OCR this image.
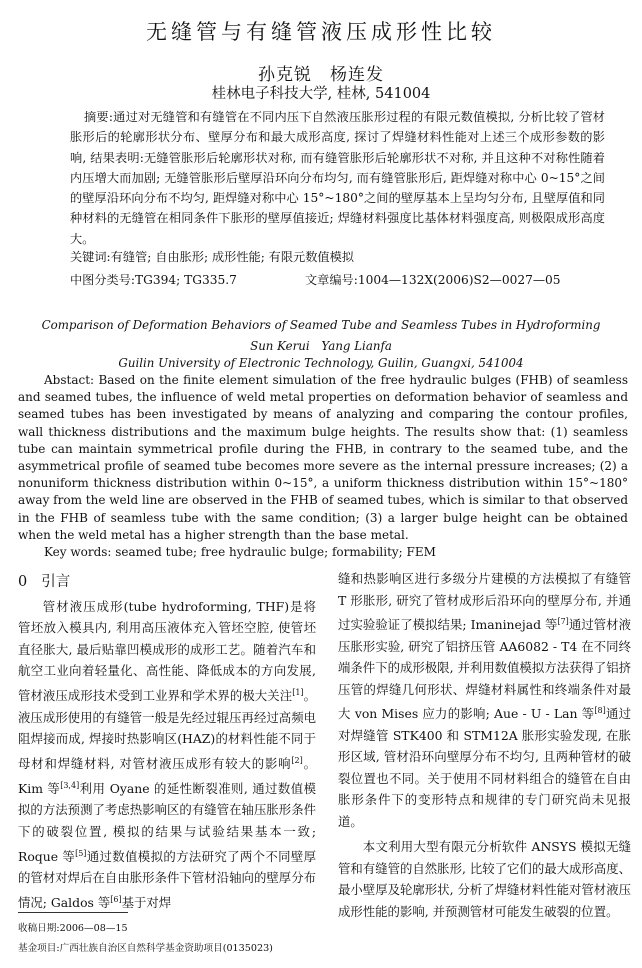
无缝管与有缝管液压成形性比较
孙克锐　杨连发
桂林电子科技大学, 桂林, 541004
摘要:通过对无缝管和有缝管在不同内压下自然液压胀形过程的有限元数值模拟, 分析比较了管材胀形后的轮廓形状分布、壁厚分布和最大成形高度, 探讨了焊缝材料性能对上述三个成形参数的影响, 结果表明:无缝管胀形后轮廓形状对称, 而有缝管胀形后轮廓形状不对称, 并且这种不对称性随着内压增大而加剧; 无缝管胀形后壁厚沿环向分布均匀, 而有缝管胀形后, 距焊缝对称中心 0~15°之间的壁厚沿环向分布不均匀, 距焊缝对称中心 15°~180°之间的壁厚基本上呈均匀分布, 且壁厚值和同种材料的无缝管在相同条件下胀形的壁厚值接近; 焊缝材料强度比基体材料强度高, 则极限成形高度大。
关键词:有缝管; 自由胀形; 成形性能; 有限元数值模拟
中图分类号:TG394; TG335.7	文章编号:1004—132X(2006)S2—0027—05
Comparison of Deformation Behaviors of Seamed Tube and Seamless Tubes in Hydroforming
Sun Kerui　Yang Lianfa
Guilin University of Electronic Technology, Guilin, Guangxi, 541004
Abstact: Based on the finite element simulation of the free hydraulic bulges (FHB) of seamless and seamed tubes, the influence of weld metal properties on deformation behavior of seamless and seamed tubes has been investigated by means of analyzing and comparing the contour profiles, wall thickness distributions and the maximum bulge heights. The results show that: (1) seamless tube can maintain symmetrical profile during the FHB, in contrary to the seamed tube, and the asymmetrical profile of seamed tube becomes more severe as the internal pressure increases; (2) a nonuniform thickness distribution within 0~15°, a uniform thickness distribution within 15°~180° away from the weld line are observed in the FHB of seamed tubes, which is similar to that observed in the FHB of seamless tube with the same condition; (3) a larger bulge height can be obtained when the weld metal has a higher strength than the base metal.
Key words: seamed tube; free hydraulic bulge; formability; FEM
0 引言

管材液压成形(tube hydroforming, THF)是将管坯放入模具内, 利用高压液体充入管坯空腔, 使管坯直径胀大, 最后贴靠凹模成形的成形工艺。随着汽车和航空工业向着轻量化、高性能、降低成本的方向发展, 管材液压成形技术受到工业界和学术界的极大关注[1]。液压成形使用的有缝管一般是先经过辊压再经过高频电阻焊接而成, 焊接时热影响区(HAZ)的材料性能不同于母材和焊缝材料, 对管材液压成形有较大的影响[2]。Kim 等[3,4]利用 Oyane 的延性断裂准则, 通过数值模拟的方法预测了考虑热影响区的有缝管在轴压胀形条件下的破裂位置, 模拟的结果与试验结果基本一致; Roque 等[5]通过数值模拟的方法研究了两个不同壁厚的管材对焊后在自由胀形条件下管材沿轴向的壁厚分布情况; Galdos 等[6]基于对焊

缝和热影响区进行多级分片建模的方法模拟了有缝管 T 形胀形, 研究了管材成形后沿环向的壁厚分布, 并通过实验验证了模拟结果; Imaninejad 等[7]通过管材液压胀形实验, 研究了铝挤压管 AA6082 - T4 在不同终端条件下的成形极限, 并利用数值模拟方法获得了铝挤压管的焊缝几何形状、焊缝材料属性和终端条件对最大 von Mises 应力的影响; Aue - U - Lan 等[8]通过对焊缝管 STK400 和 STM12A 胀形实验发现, 在胀形区域, 管材沿环向壁厚分布不均匀, 且两种管材的破裂位置也不同。关于使用不同材料组合的缝管在自由胀形条件下的变形特点和规律的专门研究尚未见报道。

本文利用大型有限元分析软件 ANSYS 模拟无缝管和有缝管的自然胀形, 比较了它们的最大成形高度、最小壁厚及轮廓形状, 分析了焊缝材料性能对管材液压成形性能的影响, 并预测管材可能发生破裂的位置。

收稿日期:2006—08—15
基金项目:广西壮族自治区自然科学基金资助项目(0135023)
